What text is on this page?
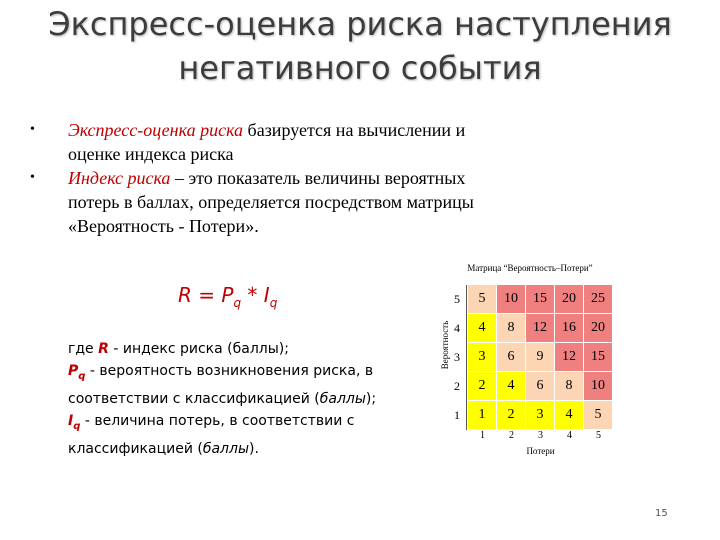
Экспресс-оценка риска наступления
негативного события
• Экспресс-оценка риска базируется на вычислении и
оценке индекса риска
• Индекс риска – это показатель величины вероятных
потерь в баллах, определяется посредством матрицы
«Вероятность - Потери».
$R = P_q * I_q$
где R - индекс риска (баллы);
$P_q$ - вероятность возникновения риска, в
соответствии с классификацией (баллы);
$I_q$ - величина потерь, в соответствии с
классификацией (баллы).
Матрица “Вероятность–Потери”
Вероятность
5	10	15	20	25
4	8	12	16	20
3	6	9	12	15
2	4	6	8	10
1	2	3	4	5
5
4
3
2
1
1	2	3	4	5
Потери
15
